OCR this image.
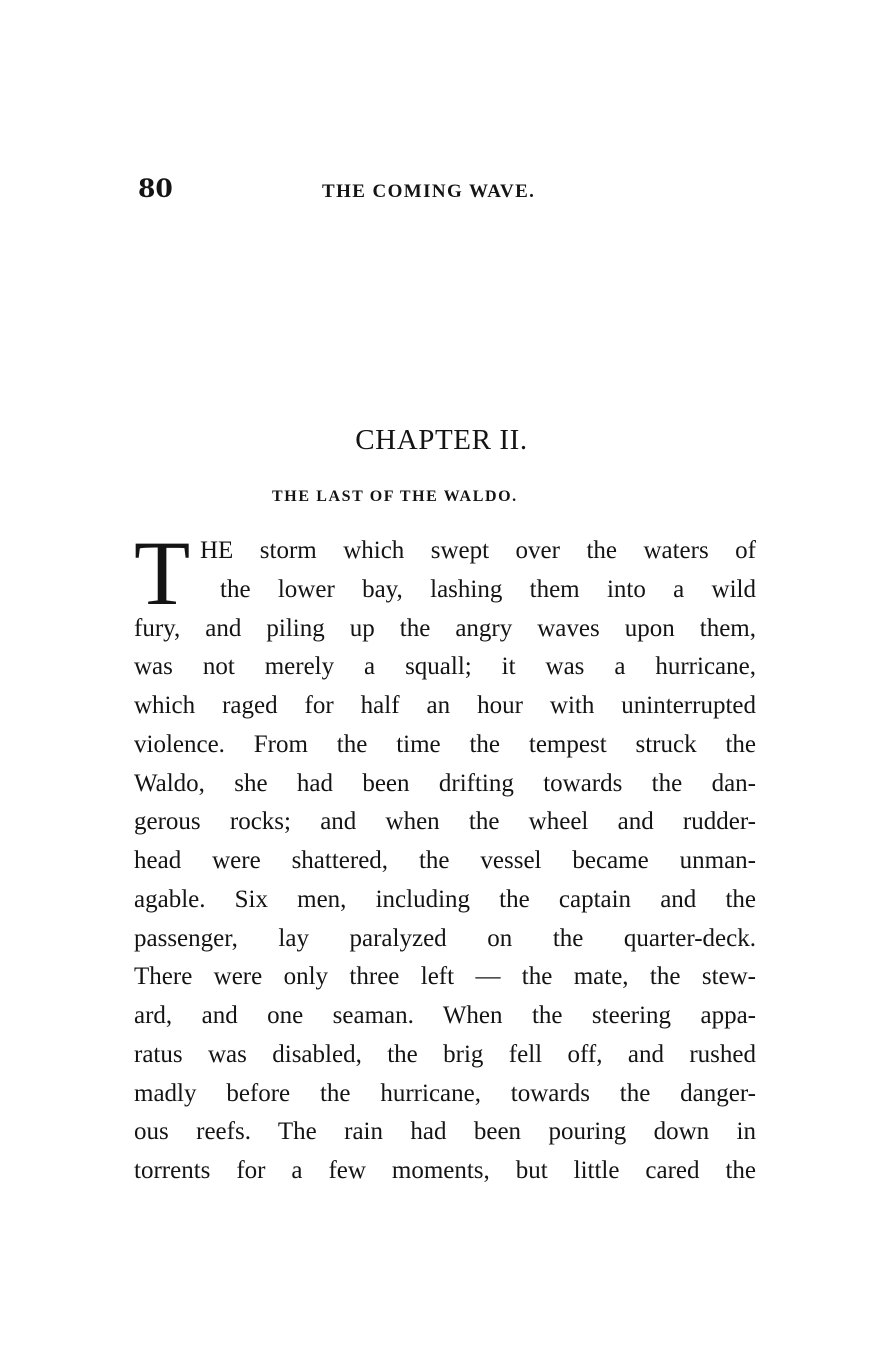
80	THE COMING WAVE.
CHAPTER II.
THE LAST OF THE WALDO.
T HE storm which swept over the waters of
the lower bay, lashing them into a wild
fury, and piling up the angry waves upon them,
was not merely a squall; it was a hurricane,
which raged for half an hour with uninterrupted
violence. From the time the tempest struck the
Waldo, she had been drifting towards the dan-
gerous rocks; and when the wheel and rudder-
head were shattered, the vessel became unman-
agable. Six men, including the captain and the
passenger, lay paralyzed on the quarter-deck.
There were only three left — the mate, the stew-
ard, and one seaman. When the steering appa-
ratus was disabled, the brig fell off, and rushed
madly before the hurricane, towards the danger-
ous reefs. The rain had been pouring down in
torrents for a few moments, but little cared the
